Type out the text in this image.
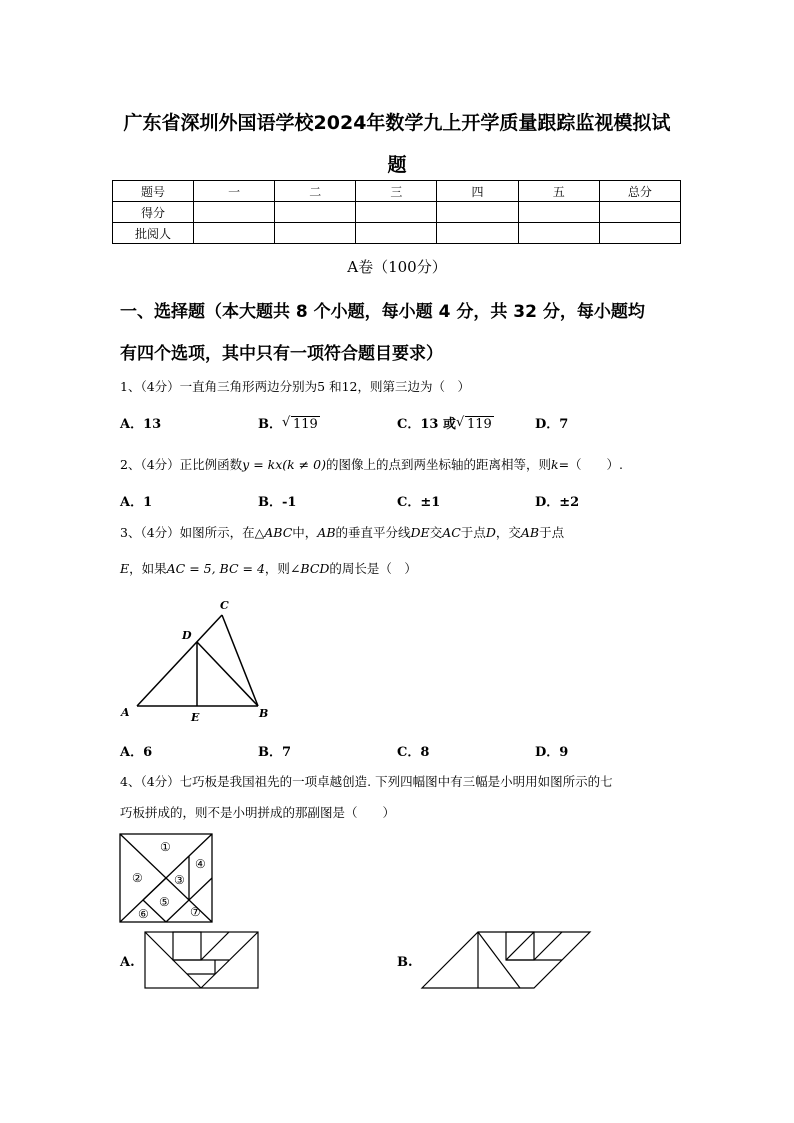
广东省深圳外国语学校2024年数学九上开学质量跟踪监视模拟试
题
题号	一	二	三	四	五	总分
得分						
批阅人						
A卷（100分）
一、选择题（本大题共 8 个小题，每小题 4 分，共 32 分，每小题均
有四个选项，其中只有一项符合题目要求）
1、（4分）一直角三角形两边分别为5 和12，则第三边为（　）
A．13	B． √ 119	C．13 或 √ 119	D．7
2、（4分）正比例函数y = kx(k ≠ 0)的图像上的点到两坐标轴的距离相等，则k=（　　）.
A．1	B．-1	C．±1	D．±2
3、（4分）如图所示，在△ABC中，AB的垂直平分线DE交AC于点D，交AB于点
E，如果AC = 5, BC = 4，则∠BCD的周长是（　）
A	B
C
D
E
A．6	B．7	C．8	D．9
4、（4分）七巧板是我国祖先的一项卓越创造. 下列四幅图中有三幅是小明用如图所示的七
巧板拼成的，则不是小明拼成的那副图是（　　）
①
②	③
④
⑤
⑥	⑦
A.	B.
